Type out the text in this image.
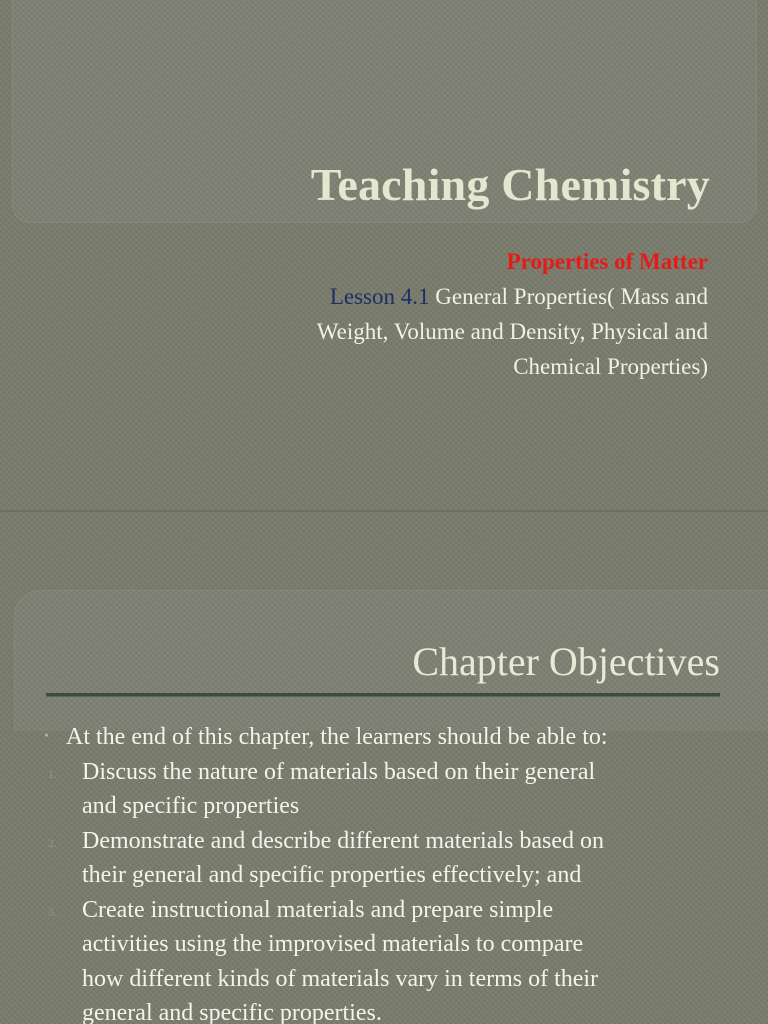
Teaching Chemistry
Properties of Matter
Lesson 4.1 General Properties( Mass and
Weight, Volume and Density, Physical and
Chemical Properties)
Chapter Objectives
• At the end of this chapter, the learners should be able to:
1. Discuss the nature of materials based on their general
and specific properties
2. Demonstrate and describe different materials based on
their general and specific properties effectively; and
3. Create instructional materials and prepare simple
activities using the improvised materials to compare
how different kinds of materials vary in terms of their
general and specific properties.
